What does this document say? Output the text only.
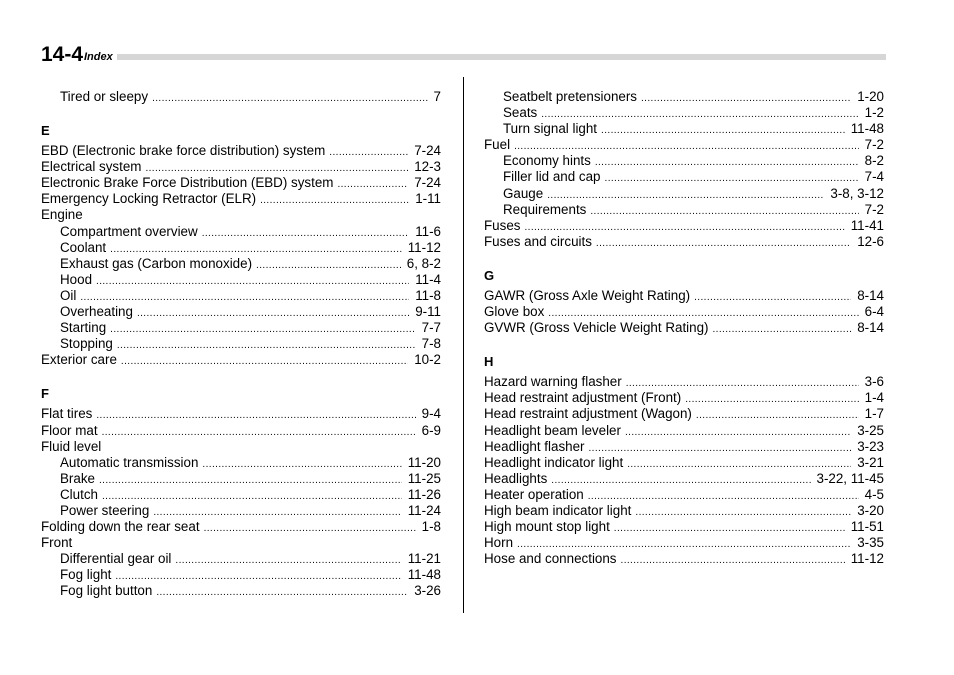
14-4 Index
Tired or sleepy .....	7
E
EBD (Electronic brake force distribution) system .....	7-24
Electrical system .....	12-3
Electronic Brake Force Distribution (EBD) system .....	7-24
Emergency Locking Retractor (ELR) .....	1-11
Engine
Compartment overview .....	11-6
Coolant .....	11-12
Exhaust gas (Carbon monoxide) .....	6, 8-2
Hood .....	11-4
Oil .....	11-8
Overheating .....	9-11
Starting .....	7-7
Stopping .....	7-8
Exterior care .....	10-2
F
Flat tires .....	9-4
Floor mat .....	6-9
Fluid level
Automatic transmission .....	11-20
Brake .....	11-25
Clutch .....	11-26
Power steering .....	11-24
Folding down the rear seat .....	1-8
Front
Differential gear oil .....	11-21
Fog light .....	11-48
Fog light button .....	3-26
Seatbelt pretensioners .....	1-20
Seats .....	1-2
Turn signal light .....	11-48
Fuel .....	7-2
Economy hints .....	8-2
Filler lid and cap .....	7-4
Gauge .....	3-8, 3-12
Requirements .....	7-2
Fuses .....	11-41
Fuses and circuits .....	12-6
G
GAWR (Gross Axle Weight Rating) .....	8-14
Glove box .....	6-4
GVWR (Gross Vehicle Weight Rating) .....	8-14
H
Hazard warning flasher .....	3-6
Head restraint adjustment (Front) .....	1-4
Head restraint adjustment (Wagon) .....	1-7
Headlight beam leveler .....	3-25
Headlight flasher .....	3-23
Headlight indicator light .....	3-21
Headlights .....	3-22, 11-45
Heater operation .....	4-5
High beam indicator light .....	3-20
High mount stop light .....	11-51
Horn .....	3-35
Hose and connections .....	11-12
